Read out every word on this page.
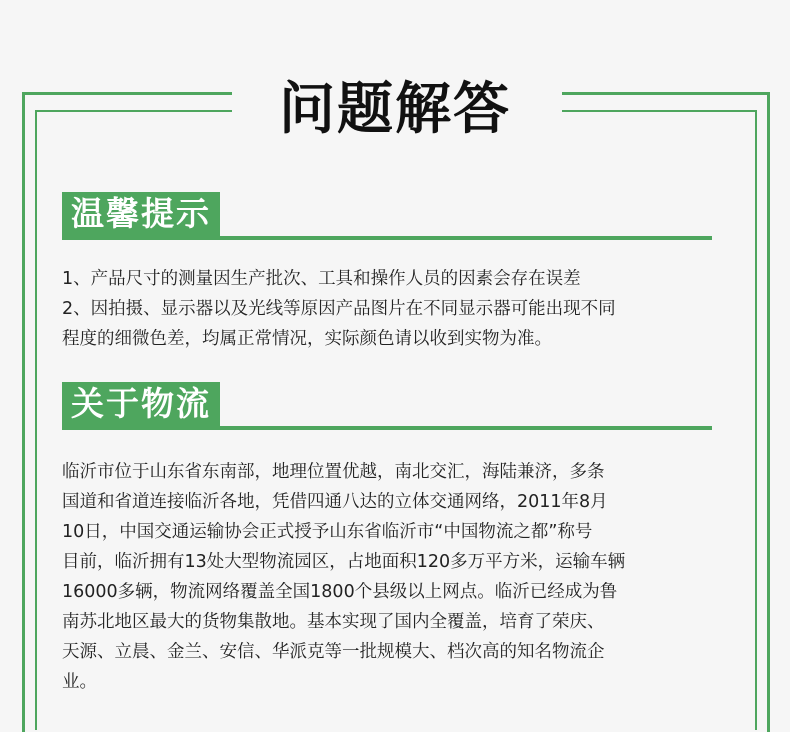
问题解答
温馨提示

1、产品尺寸的测量因生产批次、工具和操作人员的因素会存在误差
2、因拍摄、显示器以及光线等原因产品图片在不同显示器可能出现不同
程度的细微色差，均属正常情况，实际颜色请以收到实物为准。

关于物流

临沂市位于山东省东南部，地理位置优越，南北交汇，海陆兼济，多条
国道和省道连接临沂各地，凭借四通八达的立体交通网络，2011年8月
10日，中国交通运输协会正式授予山东省临沂市“中国物流之都”称号
目前，临沂拥有13处大型物流园区，占地面积120多万平方米，运输车辆
16000多辆，物流网络覆盖全国1800个县级以上网点。临沂已经成为鲁
南苏北地区最大的货物集散地。基本实现了国内全覆盖，培育了荣庆、
天源、立晨、金兰、安信、华派克等一批规模大、档次高的知名物流企
业。
